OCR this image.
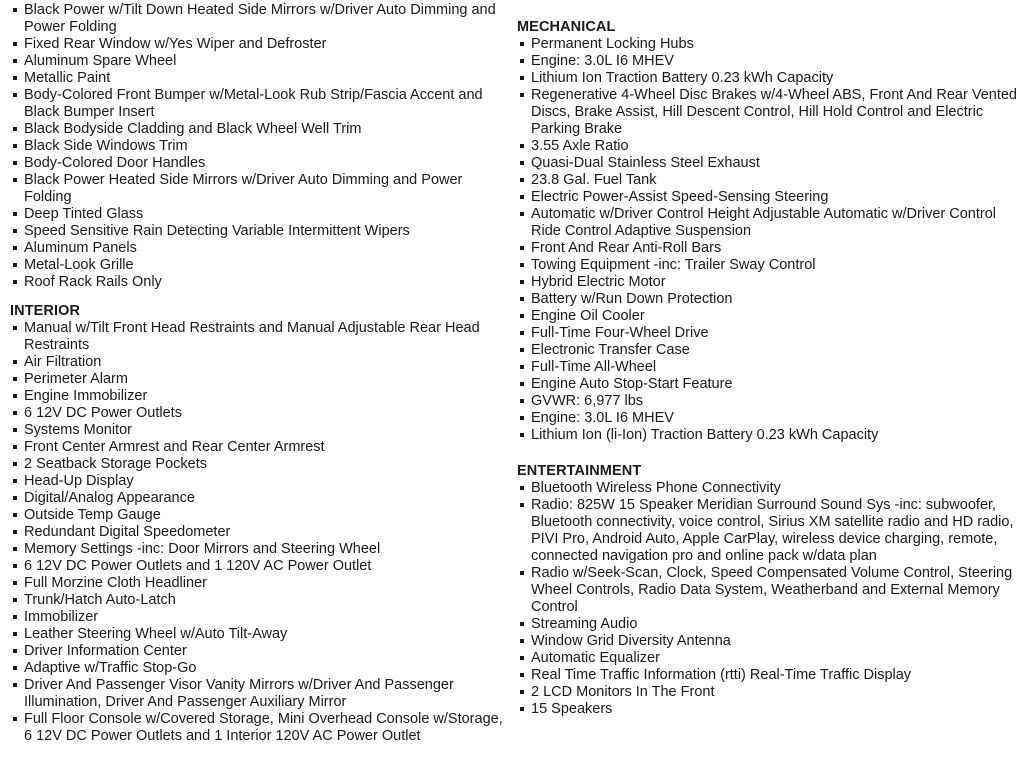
Black Power w/Tilt Down Heated Side Mirrors w/Driver Auto Dimming and Power Folding
Fixed Rear Window w/Yes Wiper and Defroster
Aluminum Spare Wheel
Metallic Paint
Body-Colored Front Bumper w/Metal-Look Rub Strip/Fascia Accent and Black Bumper Insert
Black Bodyside Cladding and Black Wheel Well Trim
Black Side Windows Trim
Body-Colored Door Handles
Black Power Heated Side Mirrors w/Driver Auto Dimming and Power Folding
Deep Tinted Glass
Speed Sensitive Rain Detecting Variable Intermittent Wipers
Aluminum Panels
Metal-Look Grille
Roof Rack Rails Only
INTERIOR
Manual w/Tilt Front Head Restraints and Manual Adjustable Rear Head Restraints
Air Filtration
Perimeter Alarm
Engine Immobilizer
6 12V DC Power Outlets
Systems Monitor
Front Center Armrest and Rear Center Armrest
2 Seatback Storage Pockets
Head-Up Display
Digital/Analog Appearance
Outside Temp Gauge
Redundant Digital Speedometer
Memory Settings -inc: Door Mirrors and Steering Wheel
6 12V DC Power Outlets and 1 120V AC Power Outlet
Full Morzine Cloth Headliner
Trunk/Hatch Auto-Latch
Immobilizer
Leather Steering Wheel w/Auto Tilt-Away
Driver Information Center
Adaptive w/Traffic Stop-Go
Driver And Passenger Visor Vanity Mirrors w/Driver And Passenger Illumination, Driver And Passenger Auxiliary Mirror
Full Floor Console w/Covered Storage, Mini Overhead Console w/Storage, 6 12V DC Power Outlets and 1 Interior 120V AC Power Outlet
MECHANICAL
Permanent Locking Hubs
Engine: 3.0L I6 MHEV
Lithium Ion Traction Battery 0.23 kWh Capacity
Regenerative 4-Wheel Disc Brakes w/4-Wheel ABS, Front And Rear Vented Discs, Brake Assist, Hill Descent Control, Hill Hold Control and Electric Parking Brake
3.55 Axle Ratio
Quasi-Dual Stainless Steel Exhaust
23.8 Gal. Fuel Tank
Electric Power-Assist Speed-Sensing Steering
Automatic w/Driver Control Height Adjustable Automatic w/Driver Control Ride Control Adaptive Suspension
Front And Rear Anti-Roll Bars
Towing Equipment -inc: Trailer Sway Control
Hybrid Electric Motor
Battery w/Run Down Protection
Engine Oil Cooler
Full-Time Four-Wheel Drive
Electronic Transfer Case
Full-Time All-Wheel
Engine Auto Stop-Start Feature
GVWR: 6,977 lbs
Engine: 3.0L I6 MHEV
Lithium Ion (li-Ion) Traction Battery 0.23 kWh Capacity
ENTERTAINMENT
Bluetooth Wireless Phone Connectivity
Radio: 825W 15 Speaker Meridian Surround Sound Sys -inc: subwoofer, Bluetooth connectivity, voice control, Sirius XM satellite radio and HD radio, PIVI Pro, Android Auto, Apple CarPlay, wireless device charging, remote, connected navigation pro and online pack w/data plan
Radio w/Seek-Scan, Clock, Speed Compensated Volume Control, Steering Wheel Controls, Radio Data System, Weatherband and External Memory Control
Streaming Audio
Window Grid Diversity Antenna
Automatic Equalizer
Real Time Traffic Information (rtti) Real-Time Traffic Display
2 LCD Monitors In The Front
15 Speakers
